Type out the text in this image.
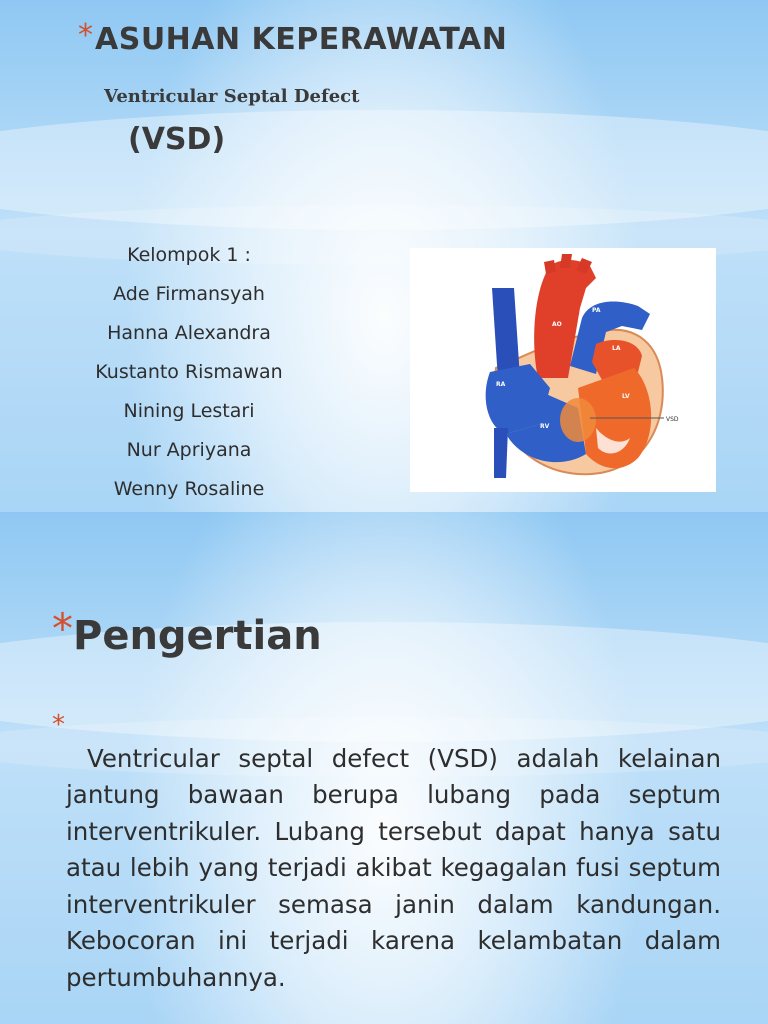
*ASUHAN KEPERAWATAN
Ventricular Septal Defect
(VSD)
Kelompok 1 :
Ade Firmansyah
Hanna Alexandra
Kustanto Rismawan
Nining Lestari
Nur Apriyana
Wenny Rosaline
VSD
AO
PA
LA
RA
RV
LV
*Pengertian
*

Ventricular septal defect (VSD) adalah kelainan jantung bawaan berupa lubang pada septum interventrikuler. Lubang tersebut dapat hanya satu atau lebih yang terjadi akibat kegagalan fusi septum interventrikuler semasa janin dalam kandungan. Kebocoran ini terjadi karena kelambatan dalam pertumbuhannya.
